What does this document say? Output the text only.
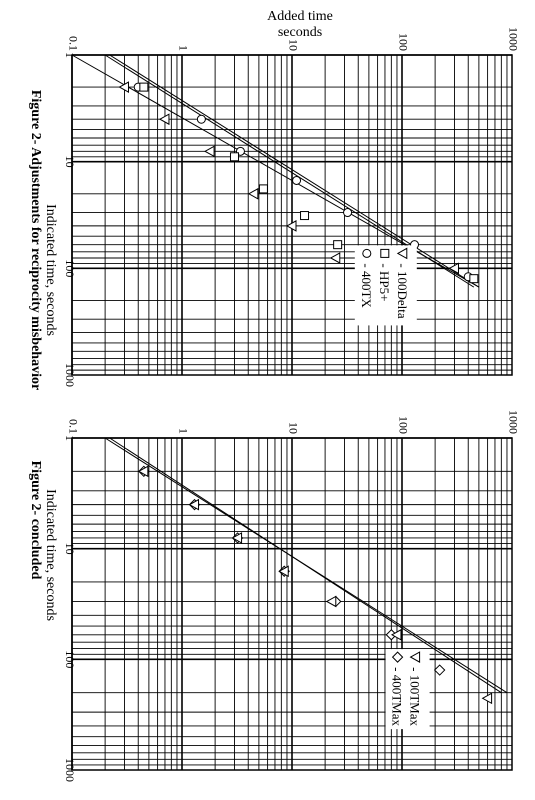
Added time
seconds
0.1	1	10	100	1000
1
10
100
1000
- 400TX - HP5+ - 100Delta
Indicated time, seconds
Figure 2- Adjustments for reciprocity misbehavior
0.1	1	10	100	1000
1
10
100
1000
- 400TMax - 100TMax
Indicated time, seconds
Figure 2- concluded
